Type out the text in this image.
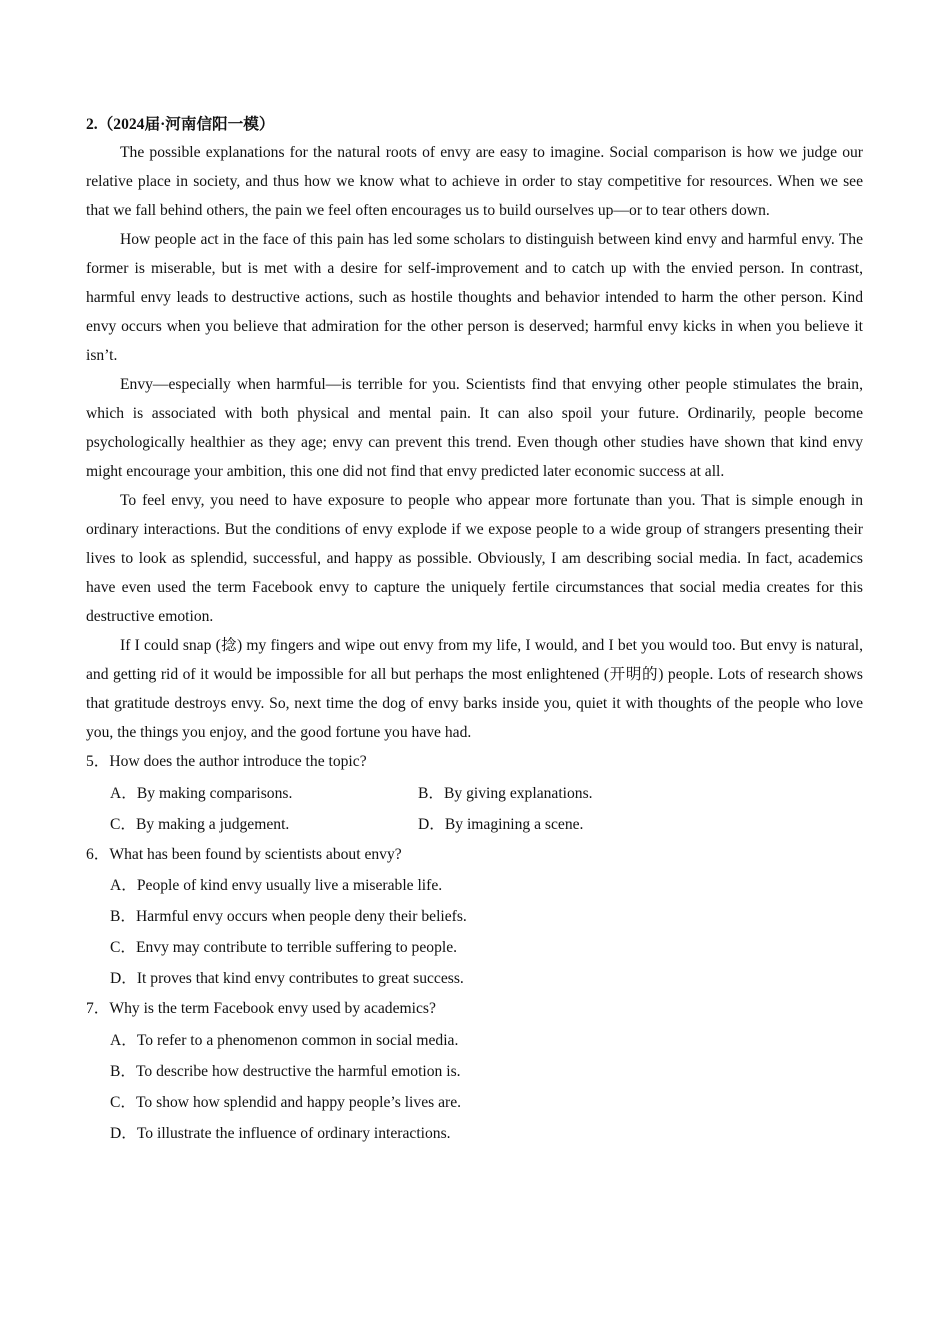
2.（2024届·河南信阳一模）

The possible explanations for the natural roots of envy are easy to imagine. Social comparison is how we judge our relative place in society, and thus how we know what to achieve in order to stay competitive for resources. When we see that we fall behind others, the pain we feel often encourages us to build ourselves up—or to tear others down.

How people act in the face of this pain has led some scholars to distinguish between kind envy and harmful envy. The former is miserable, but is met with a desire for self-improvement and to catch up with the envied person. In contrast, harmful envy leads to destructive actions, such as hostile thoughts and behavior intended to harm the other person. Kind envy occurs when you believe that admiration for the other person is deserved; harmful envy kicks in when you believe it isn’t.

Envy—especially when harmful—is terrible for you. Scientists find that envying other people stimulates the brain, which is associated with both physical and mental pain. It can also spoil your future. Ordinarily, people become psychologically healthier as they age; envy can prevent this trend. Even though other studies have shown that kind envy might encourage your ambition, this one did not find that envy predicted later economic success at all.

To feel envy, you need to have exposure to people who appear more fortunate than you. That is simple enough in ordinary interactions. But the conditions of envy explode if we expose people to a wide group of strangers presenting their lives to look as splendid, successful, and happy as possible. Obviously, I am describing social media. In fact, academics have even used the term Facebook envy to capture the uniquely fertile circumstances that social media creates for this destructive emotion.

If I could snap (捻) my fingers and wipe out envy from my life, I would, and I bet you would too. But envy is natural, and getting rid of it would be impossible for all but perhaps the most enlightened (开明的) people. Lots of research shows that gratitude destroys envy. So, next time the dog of envy barks inside you, quiet it with thoughts of the people who love you, the things you enjoy, and the good fortune you have had.

5．How does the author introduce the topic?
A．By making comparisons.	B．By giving explanations.
C．By making a judgement.	D．By imagining a scene.
6．What has been found by scientists about envy?
A．People of kind envy usually live a miserable life.
B．Harmful envy occurs when people deny their beliefs.
C．Envy may contribute to terrible suffering to people.
D．It proves that kind envy contributes to great success.
7．Why is the term Facebook envy used by academics?
A．To refer to a phenomenon common in social media.
B．To describe how destructive the harmful emotion is.
C．To show how splendid and happy people’s lives are.
D．To illustrate the influence of ordinary interactions.
